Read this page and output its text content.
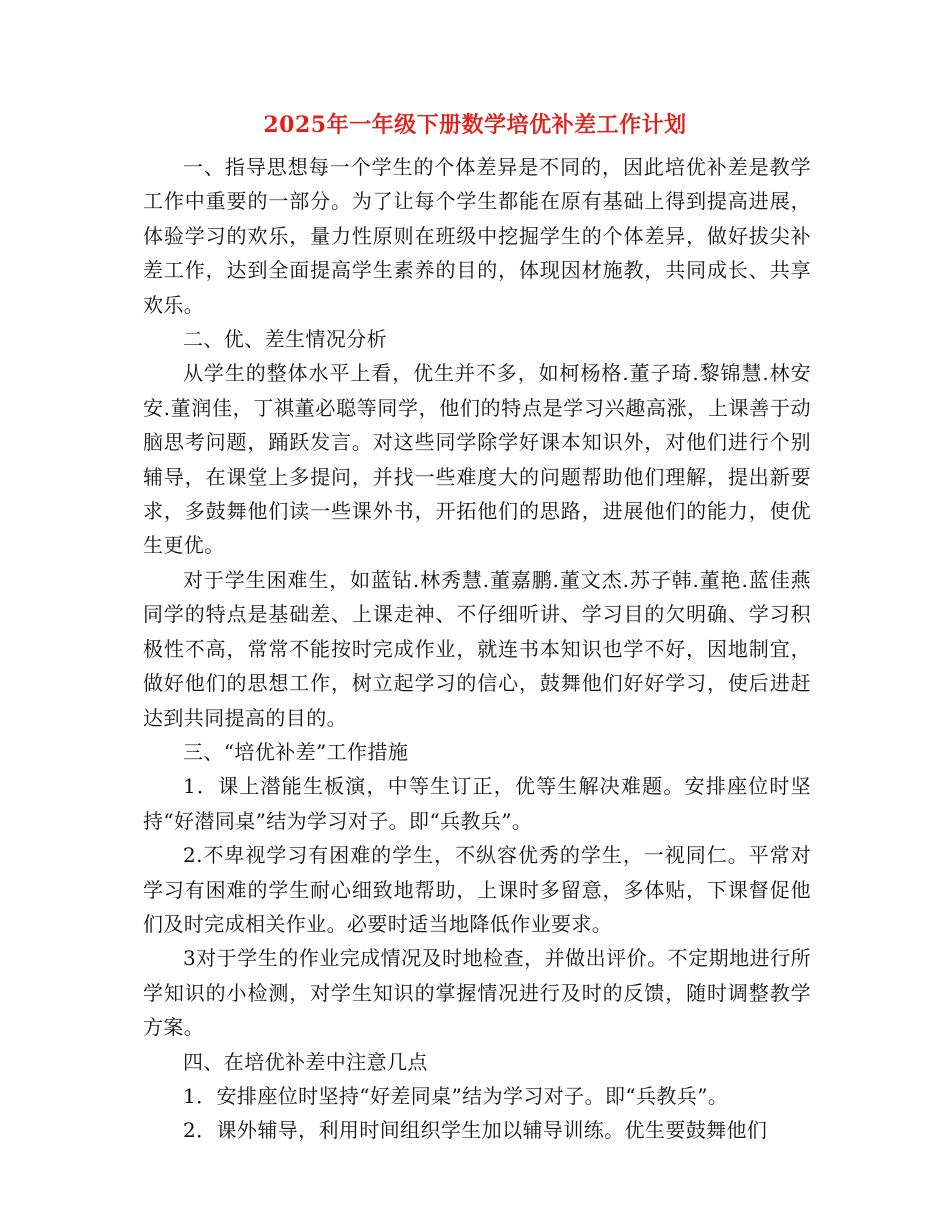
2025年一年级下册数学培优补差工作计划

一、指导思想每一个学生的个体差异是不同的，因此培优补差是教学工作中重要的一部分。为了让每个学生都能在原有基础上得到提高进展，体验学习的欢乐，量力性原则在班级中挖掘学生的个体差异，做好拔尖补差工作，达到全面提高学生素养的目的，体现因材施教，共同成长、共享欢乐。

二、优、差生情况分析

从学生的整体水平上看，优生并不多，如柯杨格.董子琦.黎锦慧.林安安.董润佳，丁祺董必聪等同学，他们的特点是学习兴趣高涨，上课善于动脑思考问题，踊跃发言。对这些同学除学好课本知识外，对他们进行个别辅导，在课堂上多提问，并找一些难度大的问题帮助他们理解，提出新要求，多鼓舞他们读一些课外书，开拓他们的思路，进展他们的能力，使优生更优。

对于学生困难生，如蓝钻.林秀慧.董嘉鹏.董文杰.苏子韩.董艳.蓝佳燕同学的特点是基础差、上课走神、不仔细听讲、学习目的欠明确、学习积极性不高，常常不能按时完成作业，就连书本知识也学不好，因地制宜，做好他们的思想工作，树立起学习的信心，鼓舞他们好好学习，使后进赶达到共同提高的目的。

三、“培优补差”工作措施

1．课上潜能生板演，中等生订正，优等生解决难题。安排座位时坚持“好潜同桌”结为学习对子。即“兵教兵”。

2.不卑视学习有困难的学生，不纵容优秀的学生，一视同仁。平常对学习有困难的学生耐心细致地帮助，上课时多留意，多体贴，下课督促他们及时完成相关作业。必要时适当地降低作业要求。

3对于学生的作业完成情况及时地检查，并做出评价。不定期地进行所学知识的小检测，对学生知识的掌握情况进行及时的反馈，随时调整教学方案。

四、在培优补差中注意几点

1．安排座位时坚持“好差同桌”结为学习对子。即“兵教兵”。

2．课外辅导，利用时间组织学生加以辅导训练。优生要鼓舞他们
